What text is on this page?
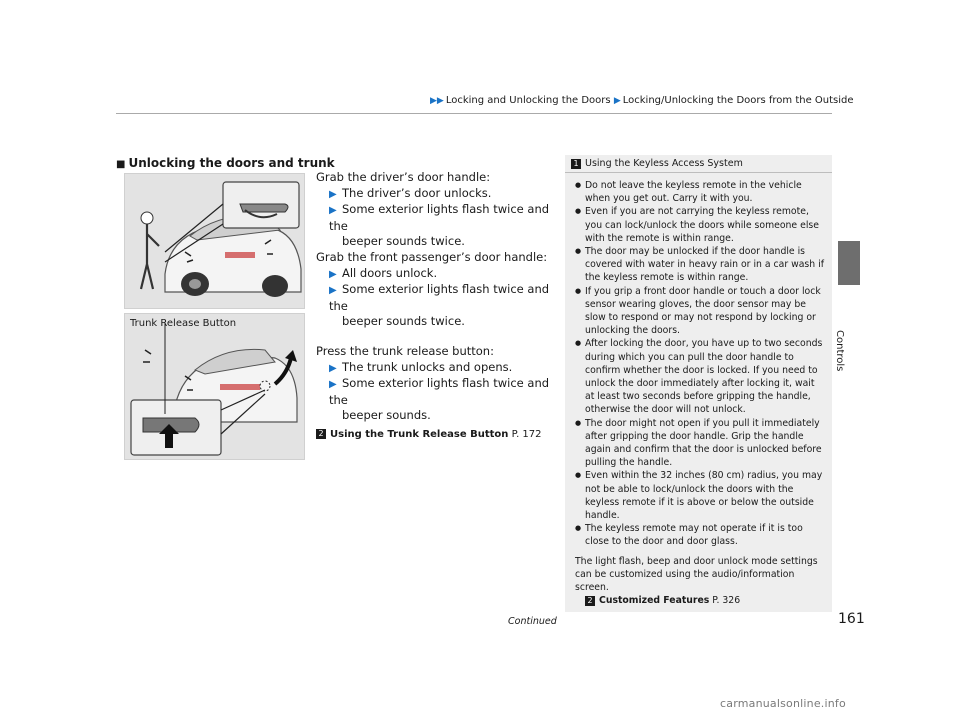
▶▶ Locking and Unlocking the Doors ▶ Locking/Unlocking the Doors from the Outside
Controls
■ Unlocking the doors and trunk
Trunk Release Button

Grab the driver’s door handle:

▶ The driver’s door unlocks.

▶ Some exterior lights flash twice and the

beeper sounds twice.

Grab the front passenger’s door handle:

▶ All doors unlock.

▶ Some exterior lights flash twice and the

beeper sounds twice.

Press the trunk release button:

▶ The trunk unlocks and opens.

▶ Some exterior lights flash twice and the

beeper sounds.

2 Using the Trunk Release Button P. 172
1 Using the Keyless Access System
● Do not leave the keyless remote in the vehicle when you get out. Carry it with you.
● Even if you are not carrying the keyless remote, you can lock/unlock the doors while someone else with the remote is within range.
● The door may be unlocked if the door handle is covered with water in heavy rain or in a car wash if the keyless remote is within range.
● If you grip a front door handle or touch a door lock sensor wearing gloves, the door sensor may be slow to respond or may not respond by locking or unlocking the doors.
● After locking the door, you have up to two seconds during which you can pull the door handle to confirm whether the door is locked. If you need to unlock the door immediately after locking it, wait at least two seconds before gripping the handle, otherwise the door will not unlock.
● The door might not open if you pull it immediately after gripping the door handle. Grip the handle again and confirm that the door is unlocked before pulling the handle.
● Even within the 32 inches (80 cm) radius, you may not be able to lock/unlock the doors with the keyless remote if it is above or below the outside handle.
● The keyless remote may not operate if it is too close to the door and door glass.
The light flash, beep and door unlock mode settings can be customized using the audio/information screen.
2 Customized Features P. 326
Continued	161
carmanualsonline.info
